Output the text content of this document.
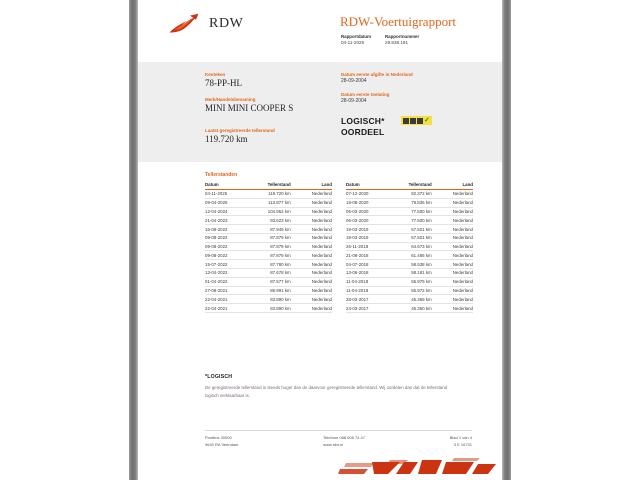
RDW	RDW-Voertuigrapport
Rapportdatum
04-11-2025
Rapportnummer
29.838.191
Kenteken
78-PP-HL
Merk/Handelsbenaming
MINI MINI COOPER S
Laatst geregistreerde tellerstand
119.720 km
Datum eerste afgifte in Nederland
28-09-2004
Datum eerste toelating
28-09-2004
LOGISCH*
OORDEEL
✓
Tellerstanden
Datum	Tellerstand	Land
04-11-2025	119.720 km	Nederland
09-04-2025	113.877 km	Nederland
12-04-2024	104.952 km	Nederland
21-04-2023	93.623 km	Nederland
16-08-2022	87.949 km	Nederland
09-08-2022	87.879 km	Nederland
09-08-2022	87.879 km	Nederland
09-08-2022	87.879 km	Nederland
15-07-2022	87.780 km	Nederland
13-04-2022	87.678 km	Nederland
01-04-2022	87.577 km	Nederland
27-08-2021	85.991 km	Nederland
22-04-2021	83.890 km	Nederland
22-04-2021	83.890 km	Nederland
Datum	Tellerstand	Land
07-12-2020	82.372 km	Nederland
18-08-2020	79.836 km	Nederland
06-03-2020	77.500 km	Nederland
06-03-2020	77.500 km	Nederland
19-03-2019	67.501 km	Nederland
19-03-2019	67.501 km	Nederland
26-11-2018	64.673 km	Nederland
21-08-2018	61.466 km	Nederland
04-07-2018	58.538 km	Nederland
13-06-2018	58.181 km	Nederland
11-04-2018	55.979 km	Nederland
11-04-2018	55.972 km	Nederland
28-03-2017	45.369 km	Nederland
24-03-2017	45.350 km	Nederland
*LOGISCH

De geregistreerde tellerstand is steeds hoger dan de daarvoor geregistreerde tellerstand. Wij oordelen dan dat de tellerstand logisch verklaarbaar is.

Postbus 30000
9640 RA Veendam
Telefoon 088 008 74 47
www.rdw.nl
Blad 1 van 4
3 E 16731
